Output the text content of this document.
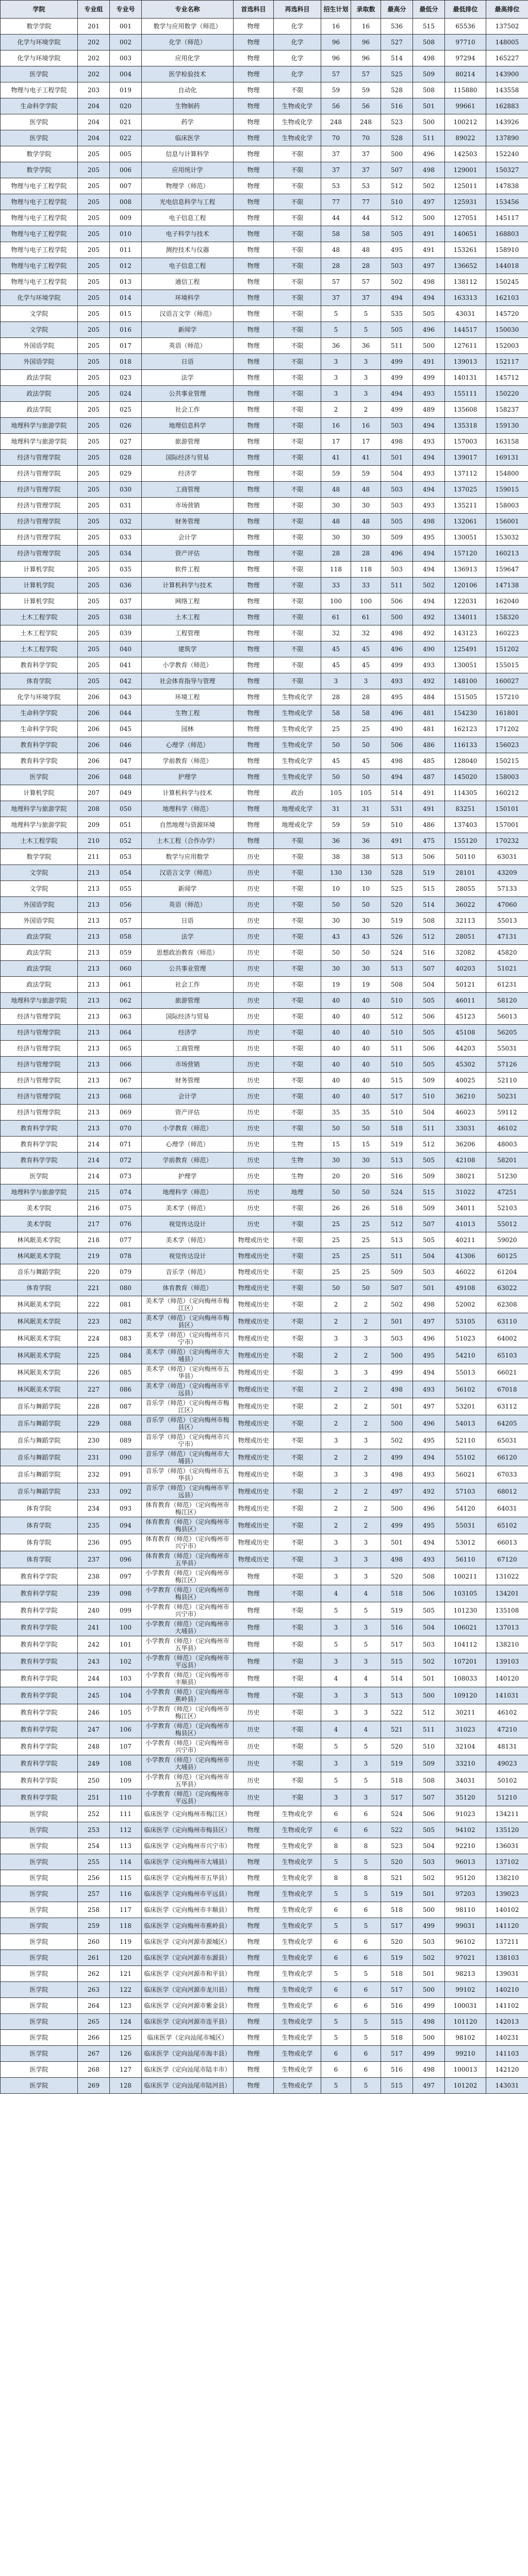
学院	专业组	专业号	专业名称	首选科目	再选科目	招生计划	录取数	最高分	最低分	最低排位	最高排位
数学学院	201	001	数学与应用数学（师范）	物理	化学	16	16	536	515	65536	137502
化学与环境学院	202	002	化学（师范）	物理	化学	96	96	527	508	97710	148005
化学与环境学院	202	003	应用化学	物理	化学	96	96	514	498	97294	165227
医学院	202	004	医学检验技术	物理	化学	57	57	525	509	80214	143900
物理与电子工程学院	203	019	自动化	物理	不限	59	59	528	508	115880	143558
生命科学学院	204	020	生物制药	物理	生物或化学	56	56	516	501	99661	162883
医学院	204	021	药学	物理	生物或化学	248	248	523	500	100212	143926
医学院	204	022	临床医学	物理	生物或化学	70	70	528	511	89022	137890
数学学院	205	005	信息与计算科学	物理	不限	37	37	500	496	142503	152240
数学学院	205	006	应用统计学	物理	不限	37	37	507	498	129001	150327
物理与电子工程学院	205	007	物理学（师范）	物理	不限	53	53	512	502	125011	147838
物理与电子工程学院	205	008	光电信息科学与工程	物理	不限	77	77	510	497	125931	153456
物理与电子工程学院	205	009	电子信息工程	物理	不限	44	44	512	500	127051	145117
物理与电子工程学院	205	010	电子科学与技术	物理	不限	58	58	505	491	140651	168803
物理与电子工程学院	205	011	测控技术与仪器	物理	不限	48	48	495	491	153261	158910
物理与电子工程学院	205	012	电子信息工程	物理	不限	28	28	503	497	136652	144018
物理与电子工程学院	205	013	通信工程	物理	不限	57	57	502	498	138112	150245
化学与环境学院	205	014	环境科学	物理	不限	37	37	494	494	163313	162103
文学院	205	015	汉语言文学（师范）	物理	不限	5	5	535	505	43031	145720
文学院	205	016	新闻学	物理	不限	5	5	505	496	144517	150030
外国语学院	205	017	英语（师范）	物理	不限	36	36	511	500	127611	152003
外国语学院	205	018	日语	物理	不限	3	3	499	491	139013	152117
政法学院	205	023	法学	物理	不限	3	3	499	499	140131	145712
政法学院	205	024	公共事业管理	物理	不限	3	3	494	493	155111	150220
政法学院	205	025	社会工作	物理	不限	2	2	499	489	135608	158237
地理科学与旅游学院	205	026	地理信息科学	物理	不限	16	16	503	494	135318	159130
地理科学与旅游学院	205	027	旅游管理	物理	不限	17	17	498	493	157003	163158
经济与管理学院	205	028	国际经济与贸易	物理	不限	41	41	501	494	139017	169131
经济与管理学院	205	029	经济学	物理	不限	59	59	504	493	137112	154800
经济与管理学院	205	030	工商管理	物理	不限	48	48	503	494	137025	159015
经济与管理学院	205	031	市场营销	物理	不限	30	30	503	493	135211	158003
经济与管理学院	205	032	财务管理	物理	不限	48	48	505	498	132061	156001
经济与管理学院	205	033	会计学	物理	不限	30	30	509	495	130051	153032
经济与管理学院	205	034	资产评估	物理	不限	28	28	496	494	157120	160213
计算机学院	205	035	软件工程	物理	不限	118	118	503	494	136913	159647
计算机学院	205	036	计算机科学与技术	物理	不限	33	33	511	502	120106	147138
计算机学院	205	037	网络工程	物理	不限	100	100	506	494	122031	162040
土木工程学院	205	038	土木工程	物理	不限	61	61	500	492	134011	158320
土木工程学院	205	039	工程管理	物理	不限	32	32	498	492	143123	160223
土木工程学院	205	040	建筑学	物理	不限	45	45	496	490	125491	151202
教育科学学院	205	041	小学教育（师范）	物理	不限	45	45	499	493	130051	155015
体育学院	205	042	社会体育指导与管理	物理	不限	3	3	493	492	148100	160027
化学与环境学院	206	043	环境工程	物理	生物或化学	28	28	495	484	151505	157210
生命科学学院	206	044	生物工程	物理	生物或化学	58	58	496	481	154230	161801
生命科学学院	206	045	园林	物理	生物或化学	25	25	490	481	162123	171202
教育科学学院	206	046	心理学（师范）	物理	生物或化学	50	50	506	486	116133	156023
教育科学学院	206	047	学前教育（师范）	物理	生物或化学	45	45	498	485	128040	150215
医学院	206	048	护理学	物理	生物或化学	50	50	494	487	145020	158003
计算机学院	207	049	计算机科学与技术	物理	政治	105	105	514	491	114305	160212
地理科学与旅游学院	208	050	地理科学（师范）	物理	地理或化学	31	31	531	491	83251	150101
地理科学与旅游学院	209	051	自然地理与资源环境	物理	地理或化学	59	59	510	486	137403	157001
土木工程学院	210	052	土木工程（合作办学）	物理	不限	36	36	491	475	155120	170232
数学学院	211	053	数学与应用数学	历史	不限	38	38	513	506	50110	63031
文学院	213	054	汉语言文学（师范）	历史	不限	130	130	528	519	28101	43209
文学院	213	055	新闻学	历史	不限	10	10	525	515	28055	57133
外国语学院	213	056	英语（师范）	历史	不限	50	50	520	514	36022	47060
外国语学院	213	057	日语	历史	不限	30	30	519	508	32113	55013
政法学院	213	058	法学	历史	不限	43	43	526	512	28051	47131
政法学院	213	059	思想政治教育（师范）	历史	不限	50	50	524	516	32082	45820
政法学院	213	060	公共事业管理	历史	不限	30	30	513	507	40203	51021
政法学院	213	061	社会工作	历史	不限	19	19	508	504	50121	61231
地理科学与旅游学院	213	062	旅游管理	历史	不限	40	40	510	505	46011	58120
经济与管理学院	213	063	国际经济与贸易	历史	不限	40	40	512	506	45123	56013
经济与管理学院	213	064	经济学	历史	不限	40	40	510	505	45108	56205
经济与管理学院	213	065	工商管理	历史	不限	40	40	511	506	44203	55031
经济与管理学院	213	066	市场营销	历史	不限	40	40	510	505	45302	57126
经济与管理学院	213	067	财务管理	历史	不限	40	40	515	509	40025	52110
经济与管理学院	213	068	会计学	历史	不限	40	40	517	510	36210	50231
经济与管理学院	213	069	资产评估	历史	不限	35	35	510	504	46023	59112
教育科学学院	213	070	小学教育（师范）	历史	不限	50	50	518	511	33031	46102
教育科学学院	214	071	心理学（师范）	历史	生物	15	15	519	512	36206	48003
教育科学学院	214	072	学前教育（师范）	历史	生物	30	30	513	505	42108	58201
医学院	214	073	护理学	历史	生物	20	20	516	509	38021	51230
地理科学与旅游学院	215	074	地理科学（师范）	历史	地理	50	50	524	515	31022	47251
美术学院	216	075	美术学（师范）	历史	不限	26	26	518	509	34011	52103
美术学院	217	076	视觉传达设计	历史	不限	25	25	512	507	41013	55012
林风眠美术学院	218	077	美术学（师范）	物理或历史	不限	25	25	513	505	40211	59020
林风眠美术学院	219	078	视觉传达设计	物理或历史	不限	25	25	511	504	41306	60125
音乐与舞蹈学院	220	079	音乐学（师范）	物理或历史	不限	25	25	509	503	46022	61204
体育学院	221	080	体育教育（师范）	物理或历史	不限	50	50	507	501	49108	63022
林风眠美术学院	222	081	美术学（师范）（定向梅州市梅江区）	物理或历史	不限	2	2	502	498	52002	62308
林风眠美术学院	223	082	美术学（师范）（定向梅州市梅县区）	物理或历史	不限	2	2	501	497	53105	63110
林风眠美术学院	224	083	美术学（师范）（定向梅州市兴宁市）	物理或历史	不限	3	3	503	496	51023	64002
林风眠美术学院	225	084	美术学（师范）（定向梅州市大埔县）	物理或历史	不限	2	2	500	495	54210	65103
林风眠美术学院	226	085	美术学（师范）（定向梅州市五华县）	物理或历史	不限	3	3	499	494	55013	66021
林风眠美术学院	227	086	美术学（师范）（定向梅州市平远县）	物理或历史	不限	2	2	498	493	56102	67018
音乐与舞蹈学院	228	087	音乐学（师范）（定向梅州市梅江区）	物理或历史	不限	2	2	501	497	53201	63112
音乐与舞蹈学院	229	088	音乐学（师范）（定向梅州市梅县区）	物理或历史	不限	2	2	500	496	54013	64205
音乐与舞蹈学院	230	089	音乐学（师范）（定向梅州市兴宁市）	物理或历史	不限	3	3	502	495	52110	65031
音乐与舞蹈学院	231	090	音乐学（师范）（定向梅州市大埔县）	物理或历史	不限	2	2	499	494	55102	66120
音乐与舞蹈学院	232	091	音乐学（师范）（定向梅州市五华县）	物理或历史	不限	3	3	498	493	56021	67033
音乐与舞蹈学院	233	092	音乐学（师范）（定向梅州市平远县）	物理或历史	不限	2	2	497	492	57103	68012
体育学院	234	093	体育教育（师范）（定向梅州市梅江区）	物理或历史	不限	2	2	500	496	54120	64031
体育学院	235	094	体育教育（师范）（定向梅州市梅县区）	物理或历史	不限	2	2	499	495	55031	65102
体育学院	236	095	体育教育（师范）（定向梅州市兴宁市）	物理或历史	不限	3	3	501	494	53012	66013
体育学院	237	096	体育教育（师范）（定向梅州市五华县）	物理或历史	不限	3	3	498	493	56110	67120
教育科学学院	238	097	小学教育（师范）（定向梅州市梅江区）	物理	不限	3	3	520	508	100211	131022
教育科学学院	239	098	小学教育（师范）（定向梅州市梅县区）	物理	不限	4	4	518	506	103105	134201
教育科学学院	240	099	小学教育（师范）（定向梅州市兴宁市）	物理	不限	5	5	519	505	101230	135108
教育科学学院	241	100	小学教育（师范）（定向梅州市大埔县）	物理	不限	3	3	516	504	106021	137013
教育科学学院	242	101	小学教育（师范）（定向梅州市五华县）	物理	不限	5	5	517	503	104112	138210
教育科学学院	243	102	小学教育（师范）（定向梅州市平远县）	物理	不限	3	3	515	502	107201	139103
教育科学学院	244	103	小学教育（师范）（定向梅州市丰顺县）	物理	不限	4	4	514	501	108033	140120
教育科学学院	245	104	小学教育（师范）（定向梅州市蕉岭县）	物理	不限	3	3	513	500	109120	141031
教育科学学院	246	105	小学教育（师范）（定向梅州市梅江区）	历史	不限	3	3	522	512	30211	46102
教育科学学院	247	106	小学教育（师范）（定向梅州市梅县区）	历史	不限	4	4	521	511	31023	47210
教育科学学院	248	107	小学教育（师范）（定向梅州市兴宁市）	历史	不限	5	5	520	510	32104	48131
教育科学学院	249	108	小学教育（师范）（定向梅州市大埔县）	历史	不限	3	3	519	509	33210	49023
教育科学学院	250	109	小学教育（师范）（定向梅州市五华县）	历史	不限	5	5	518	508	34031	50102
教育科学学院	251	110	小学教育（师范）（定向梅州市平远县）	历史	不限	3	3	517	507	35120	51210
医学院	252	111	临床医学（定向梅州市梅江区）	物理	生物或化学	6	6	524	506	91023	134211
医学院	253	112	临床医学（定向梅州市梅县区）	物理	生物或化学	6	6	522	505	94102	135120
医学院	254	113	临床医学（定向梅州市兴宁市）	物理	生物或化学	8	8	523	504	92210	136031
医学院	255	114	临床医学（定向梅州市大埔县）	物理	生物或化学	5	5	520	503	96013	137102
医学院	256	115	临床医学（定向梅州市五华县）	物理	生物或化学	8	8	521	502	95120	138210
医学院	257	116	临床医学（定向梅州市平远县）	物理	生物或化学	5	5	519	501	97203	139023
医学院	258	117	临床医学（定向梅州市丰顺县）	物理	生物或化学	6	6	518	500	98110	140102
医学院	259	118	临床医学（定向梅州市蕉岭县）	物理	生物或化学	5	5	517	499	99031	141120
医学院	260	119	临床医学（定向河源市源城区）	物理	生物或化学	6	6	520	503	96102	137211
医学院	261	120	临床医学（定向河源市东源县）	物理	生物或化学	6	6	519	502	97021	138103
医学院	262	121	临床医学（定向河源市和平县）	物理	生物或化学	5	5	518	501	98213	139031
医学院	263	122	临床医学（定向河源市龙川县）	物理	生物或化学	6	6	517	500	99102	140210
医学院	264	123	临床医学（定向河源市紫金县）	物理	生物或化学	6	6	516	499	100031	141102
医学院	265	124	临床医学（定向河源市连平县）	物理	生物或化学	5	5	515	498	101120	142013
医学院	266	125	临床医学（定向汕尾市城区）	物理	生物或化学	5	5	518	500	98102	140231
医学院	267	126	临床医学（定向汕尾市海丰县）	物理	生物或化学	6	6	517	499	99210	141103
医学院	268	127	临床医学（定向汕尾市陆丰市）	物理	生物或化学	6	6	516	498	100013	142120
医学院	269	128	临床医学（定向汕尾市陆河县）	物理	生物或化学	5	5	515	497	101202	143031
